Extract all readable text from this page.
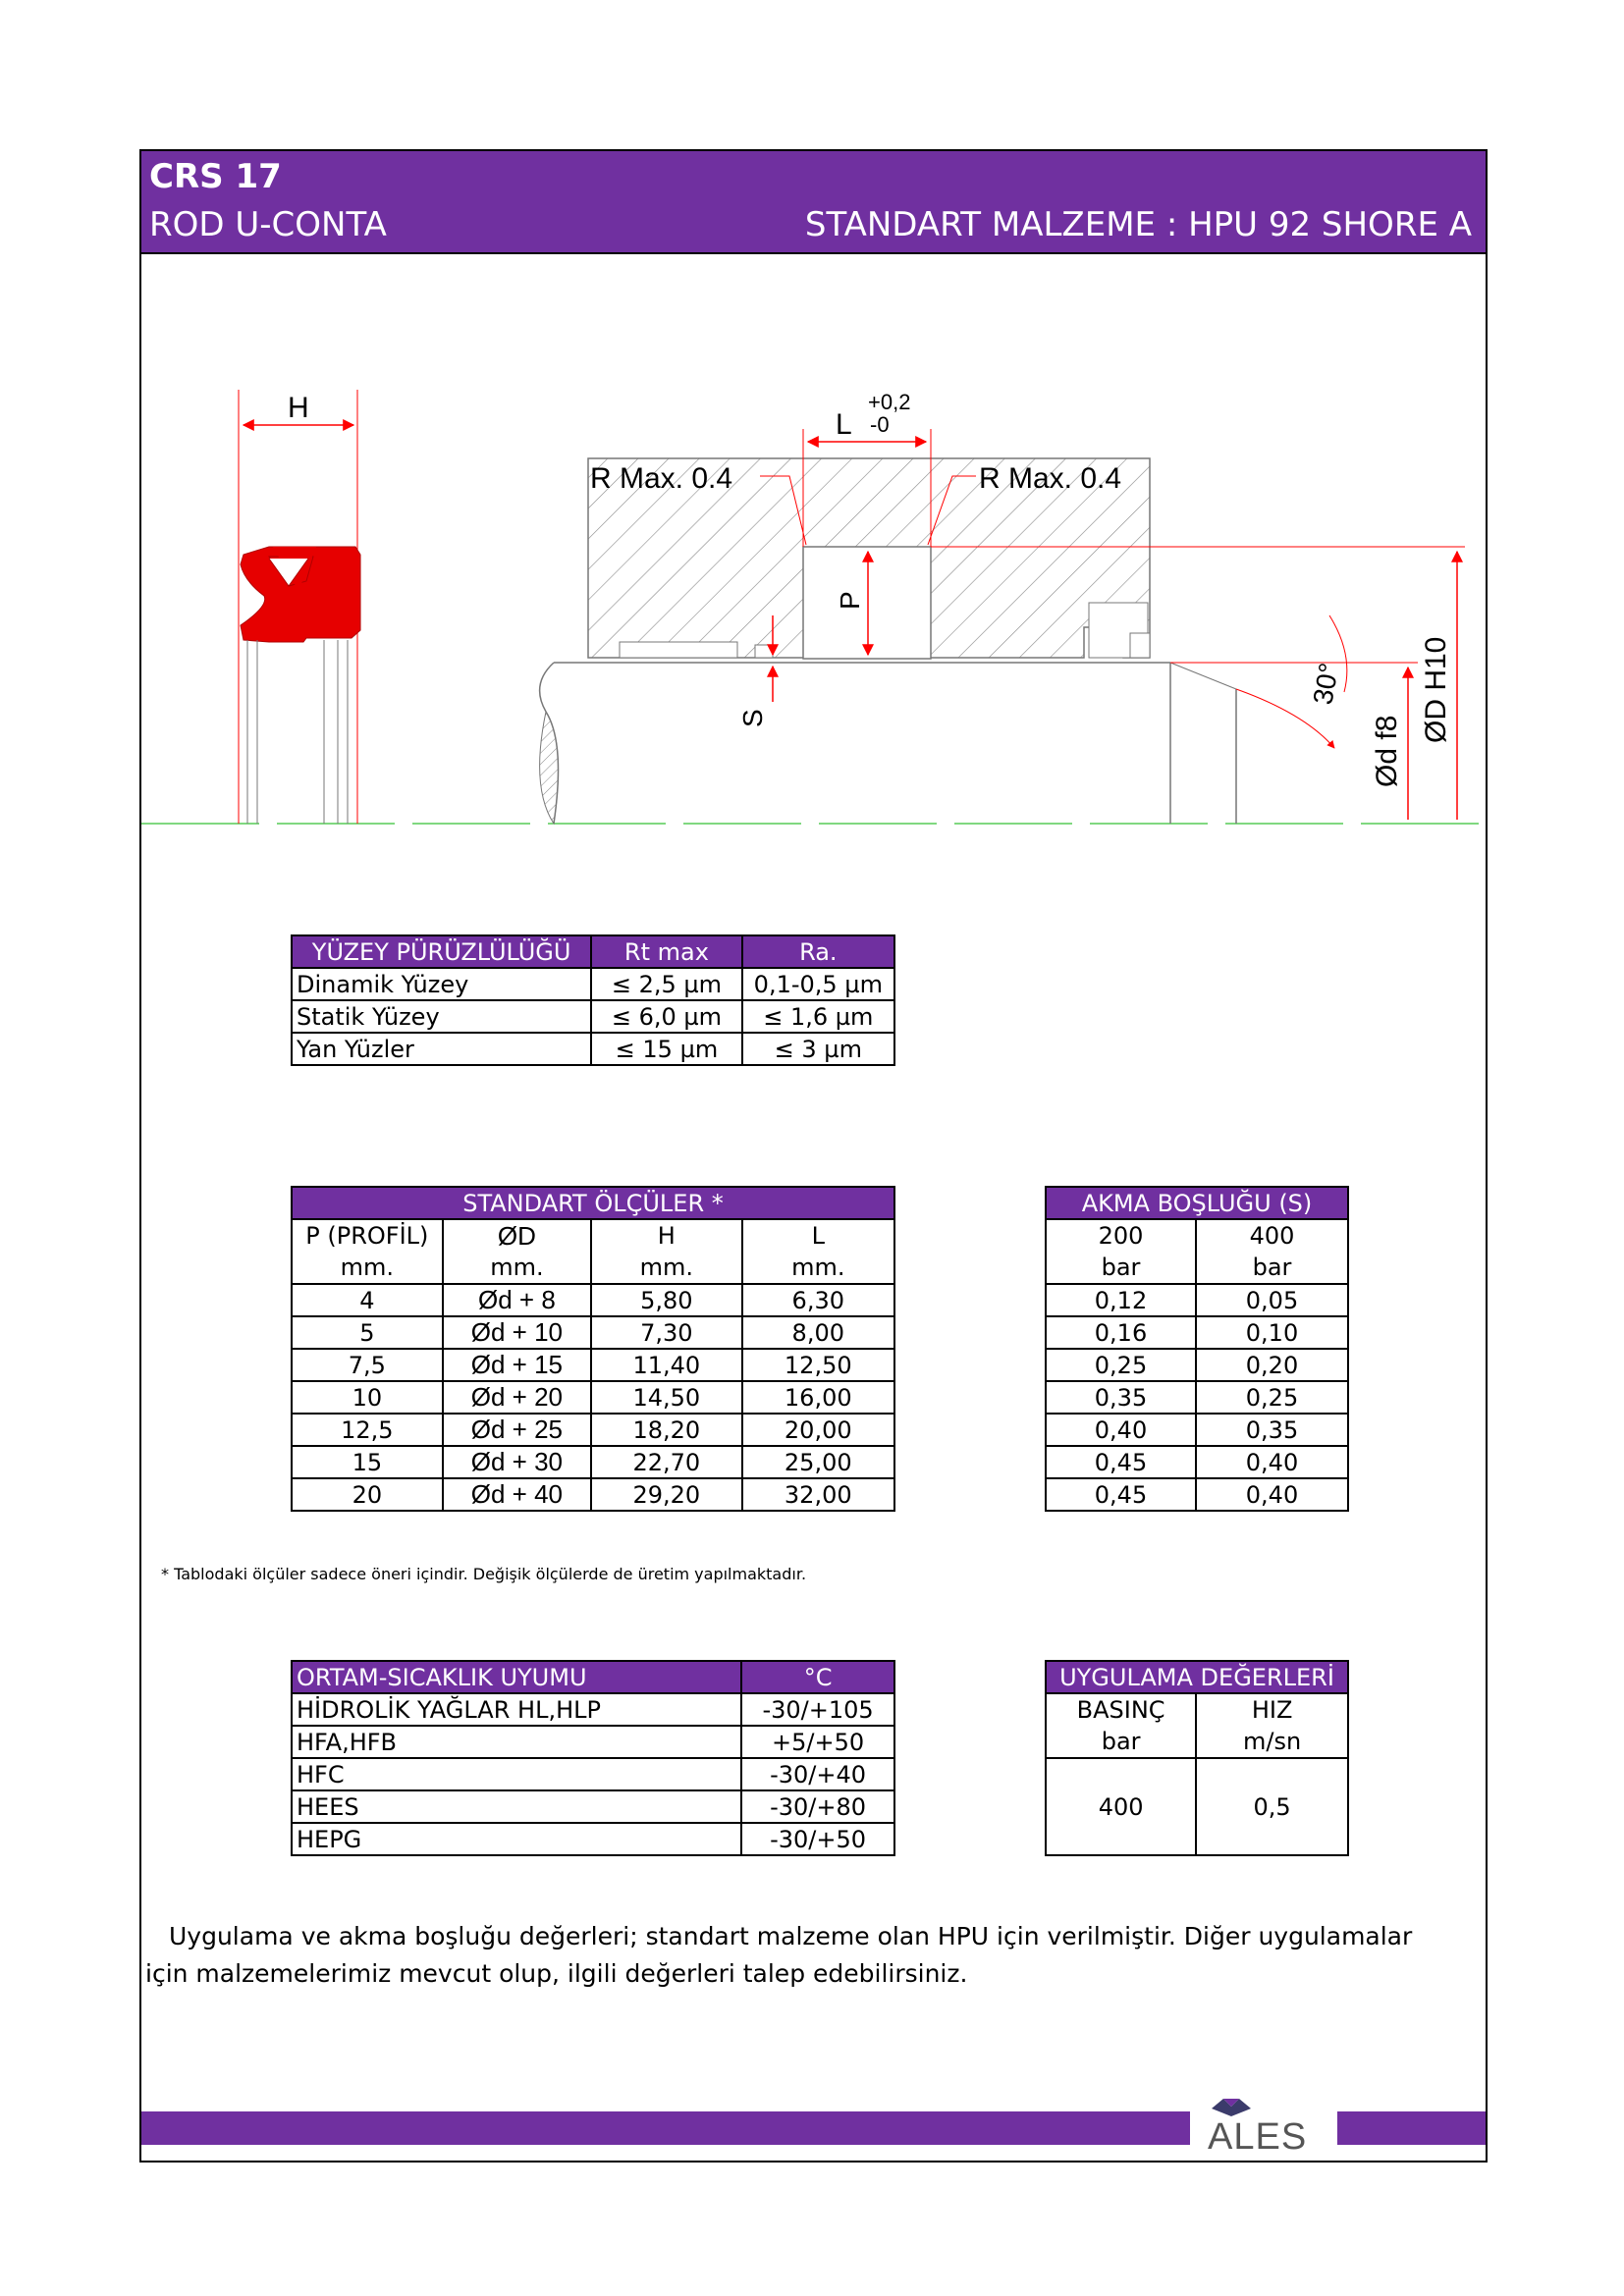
CRS 17
ROD U-CONTA	STANDART MALZEME : HPU 92 SHORE A
H
L
+0,2
-0
R Max. 0.4	R Max. 0.4
P
S
30°
Ød f8
ØD H10
YÜZEY PÜRÜZLÜLÜĞÜ	Rt max	Ra.
Dinamik Yüzey	≤ 2,5 µm	0,1-0,5 µm
Statik Yüzey	≤ 6,0 µm	≤ 1,6 µm
Yan Yüzler	≤ 15 µm	≤ 3 µm
STANDART ÖLÇÜLER *			
P (PROFİL)	ØD	H	L
mm.	mm.	mm.	mm.
4	Ød + 8	5,80	6,30
5	Ød + 10	7,30	8,00
7,5	Ød + 15	11,40	12,50
10	Ød + 20	14,50	16,00
12,5	Ød + 25	18,20	20,00
15	Ød + 30	22,70	25,00
20	Ød + 40	29,20	32,00
AKMA BOŞLUĞU (S)	
200	400
bar	bar
0,12	0,05
0,16	0,10
0,25	0,20
0,35	0,25
0,40	0,35
0,45	0,40
0,45	0,40
* Tablodaki ölçüler sadece öneri içindir. Değişik ölçülerde de üretim yapılmaktadır.
ORTAM-SICAKLIK UYUMU	°C
HİDROLİK YAĞLAR HL,HLP	-30/+105
HFA,HFB	+5/+50
HFC	-30/+40
HEES	-30/+80
HEPG	-30/+50
UYGULAMA DEĞERLERİ	
BASINÇ	HIZ
bar	m/sn
400	0,5
Uygulama ve akma boşluğu değerleri; standart malzeme olan HPU için verilmiştir. Diğer uygulamalar için malzemelerimiz mevcut olup, ilgili değerleri talep edebilirsiniz.
ALES
